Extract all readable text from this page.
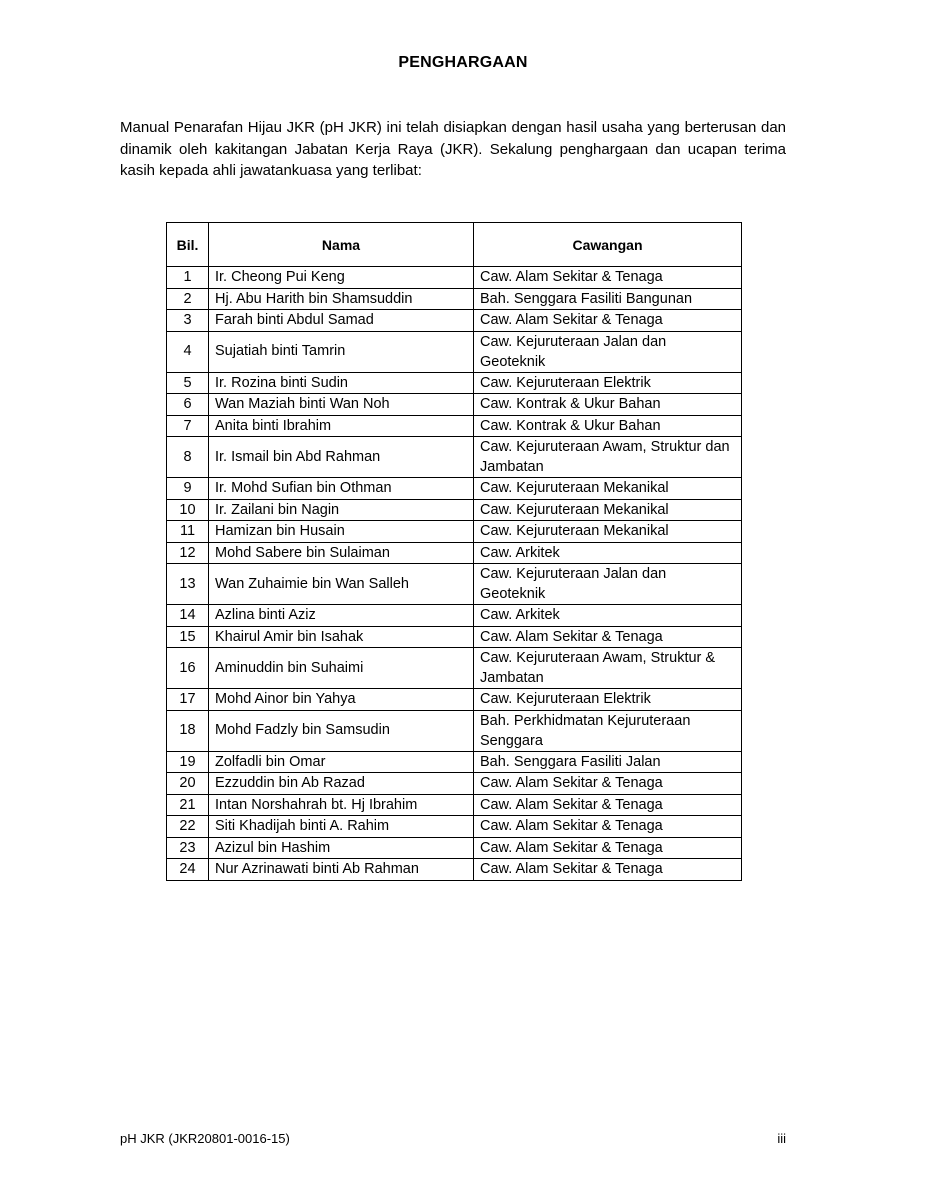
PENGHARGAAN
Manual Penarafan Hijau JKR (pH JKR) ini telah disiapkan dengan hasil usaha yang berterusan dan dinamik oleh kakitangan Jabatan Kerja Raya (JKR). Sekalung penghargaan dan ucapan terima kasih kepada ahli jawatankuasa yang terlibat:
Bil.	Nama	Cawangan
1	Ir. Cheong Pui Keng	Caw. Alam Sekitar & Tenaga
2	Hj. Abu Harith bin Shamsuddin	Bah. Senggara Fasiliti Bangunan
3	Farah binti Abdul Samad	Caw. Alam Sekitar & Tenaga
4	Sujatiah binti Tamrin	Caw. Kejuruteraan Jalan dan Geoteknik
5	Ir. Rozina binti Sudin	Caw. Kejuruteraan Elektrik
6	Wan Maziah binti Wan Noh	Caw. Kontrak & Ukur Bahan
7	Anita binti Ibrahim	Caw. Kontrak & Ukur Bahan
8	Ir. Ismail bin Abd Rahman	Caw. Kejuruteraan Awam, Struktur dan Jambatan
9	Ir. Mohd Sufian bin Othman	Caw. Kejuruteraan Mekanikal
10	Ir. Zailani bin Nagin	Caw. Kejuruteraan Mekanikal
11	Hamizan bin Husain	Caw. Kejuruteraan Mekanikal
12	Mohd Sabere bin Sulaiman	Caw. Arkitek
13	Wan Zuhaimie bin Wan Salleh	Caw. Kejuruteraan Jalan dan Geoteknik
14	Azlina binti Aziz	Caw. Arkitek
15	Khairul Amir bin Isahak	Caw. Alam Sekitar & Tenaga
16	Aminuddin bin Suhaimi	Caw. Kejuruteraan Awam, Struktur & Jambatan
17	Mohd Ainor bin Yahya	Caw. Kejuruteraan Elektrik
18	Mohd Fadzly bin Samsudin	Bah. Perkhidmatan Kejuruteraan Senggara
19	Zolfadli bin Omar	Bah. Senggara Fasiliti Jalan
20	Ezzuddin bin Ab Razad	Caw. Alam Sekitar & Tenaga
21	Intan Norshahrah bt. Hj Ibrahim	Caw. Alam Sekitar & Tenaga
22	Siti Khadijah binti A. Rahim	Caw. Alam Sekitar & Tenaga
23	Azizul bin Hashim	Caw. Alam Sekitar & Tenaga
24	Nur Azrinawati binti Ab Rahman	Caw. Alam Sekitar & Tenaga
pH JKR (JKR20801-0016-15)	iii
